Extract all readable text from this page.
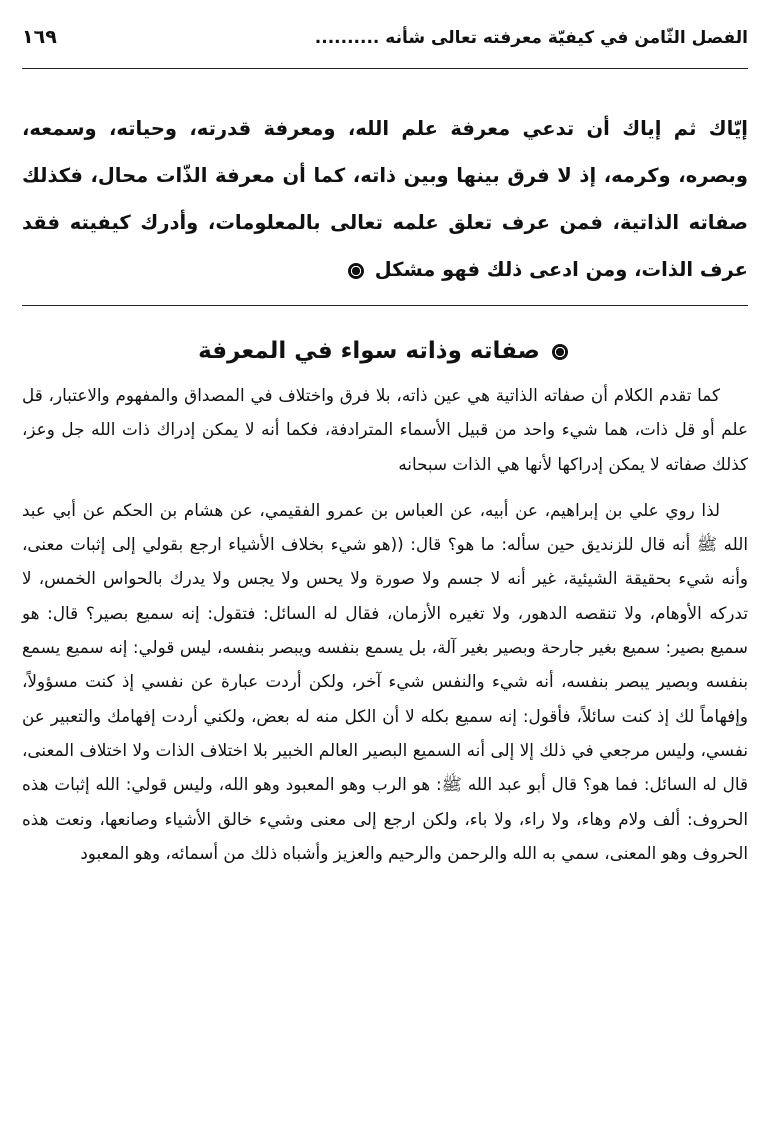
الفصل الثّامن في كيفيّة معرفته تعالى شأنه ..........
١٦٩
إيّاك ثم إياك أن تدعي معرفة علم الله، ومعرفة قدرته، وحياته، وسمعه، وبصره، وكرمه، إذ لا فرق بينها وبين ذاته، كما أن معرفة الذّات محال، فكذلك صفاته الذاتية، فمن عرف تعلق علمه تعالى بالمعلومات، وأدرك كيفيته فقد عرف الذات، ومن ادعى ذلك فهو مشكل
صفاته وذاته سواء في المعرفة

كما تقدم الكلام أن صفاته الذاتية هي عين ذاته، بلا فرق واختلاف في المصداق والمفهوم والاعتبار، قل علم أو قل ذات، هما شيء واحد من قبيل الأسماء المترادفة، فكما أنه لا يمكن إدراك ذات الله جل وعز، كذلك صفاته لا يمكن إدراكها لأنها هي الذات سبحانه

لذا روي علي بن إبراهيم، عن أبيه، عن العباس بن عمرو الفقيمي، عن هشام بن الحكم عن أبي عبد الله ﷺ أنه قال للزنديق حين سأله: ما هو؟ قال: ((هو شيء بخلاف الأشياء ارجع بقولي إلى إثبات معنى، وأنه شيء بحقيقة الشيئية، غير أنه لا جسم ولا صورة ولا يحس ولا يجس ولا يدرك بالحواس الخمس، لا تدركه الأوهام، ولا تنقصه الدهور، ولا تغيره الأزمان، فقال له السائل: فتقول: إنه سميع بصير؟ قال: هو سميع بصير: سميع بغير جارحة وبصير بغير آلة، بل يسمع بنفسه ويبصر بنفسه، ليس قولي: إنه سميع يسمع بنفسه وبصير يبصر بنفسه، أنه شيء والنفس شيء آخر، ولكن أردت عبارة عن نفسي إذ كنت مسؤولاً، وإفهاماً لك إذ كنت سائلاً، فأقول: إنه سميع بكله لا أن الكل منه له بعض، ولكني أردت إفهامك والتعبير عن نفسي، وليس مرجعي في ذلك إلا إلى أنه السميع البصير العالم الخبير بلا اختلاف الذات ولا اختلاف المعنى، قال له السائل: فما هو؟ قال أبو عبد الله ﷺ: هو الرب وهو المعبود وهو الله، وليس قولي: الله إثبات هذه الحروف: ألف ولام وهاء، ولا راء، ولا باء، ولكن ارجع إلى معنى وشيء خالق الأشياء وصانعها، ونعت هذه الحروف وهو المعنى، سمي به الله والرحمن والرحيم والعزيز وأشباه ذلك من أسمائه، وهو المعبود
